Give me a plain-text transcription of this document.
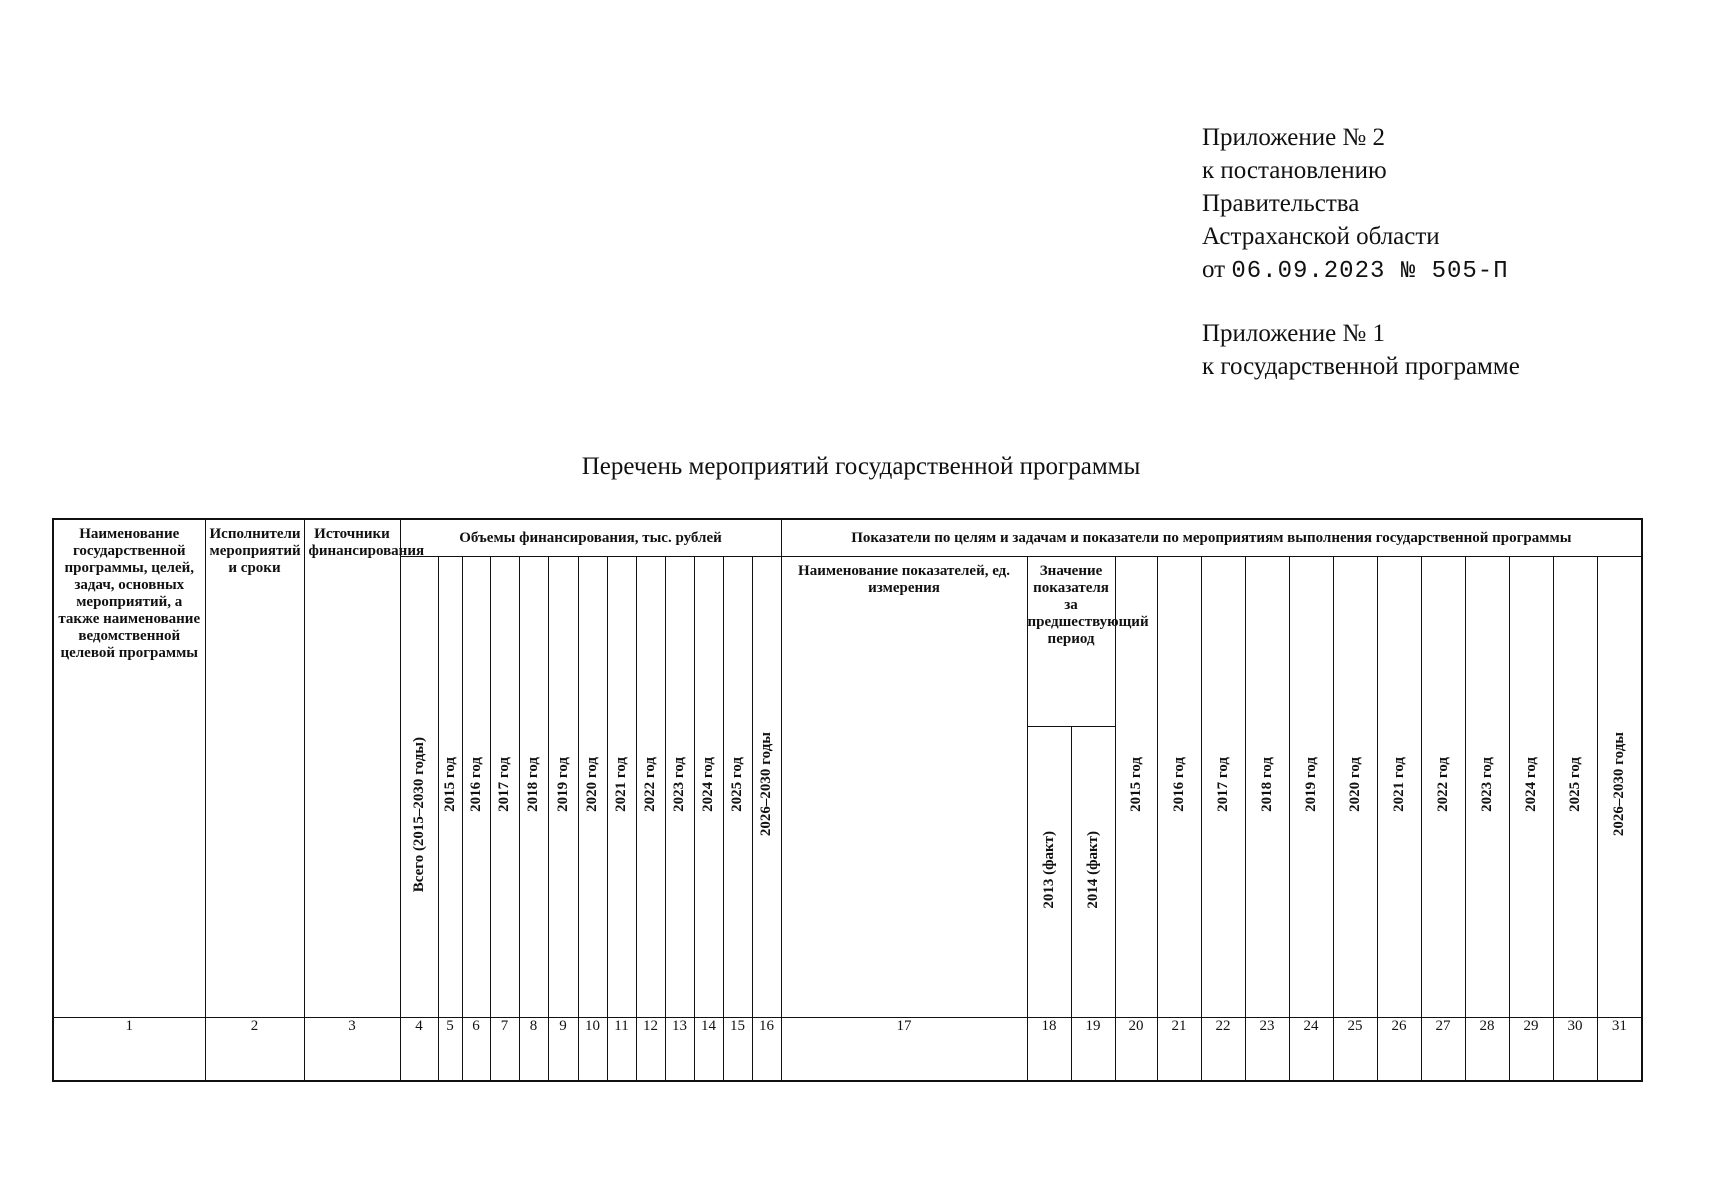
Приложение № 2
к постановлению
Правительства
Астраханской области
от 06.09.2023 № 505-П
Приложение № 1
к государственной программе
Перечень мероприятий государственной программы
Наименование государственной программы, целей, задач, основных мероприятий, а также наименование ведомственной целевой программы	Исполнители мероприятий и сроки	Источники финансирования	Объемы финансирования, тыс. рублей													Показатели по целям и задачам и показатели по мероприятиям выполнения государственной программы														
			Всего (2015–2030 годы)	2015 год	2016 год	2017 год	2018 год	2019 год	2020 год	2021 год	2022 год	2023 год	2024 год	2025 год	2026–2030 годы	Наименование показателей, ед. измерения	Значение показателя за предшествующий период		2015 год	2016 год	2017 год	2018 год	2019 год	2020 год	2021 год	2022 год	2023 год	2024 год	2025 год	2026–2030 годы
																	2013 (факт)	2014 (факт)												
1	2	3	4	5	6	7	8	9	10	11	12	13	14	15	16	17	18	19	20	21	22	23	24	25	26	27	28	29	30	31
